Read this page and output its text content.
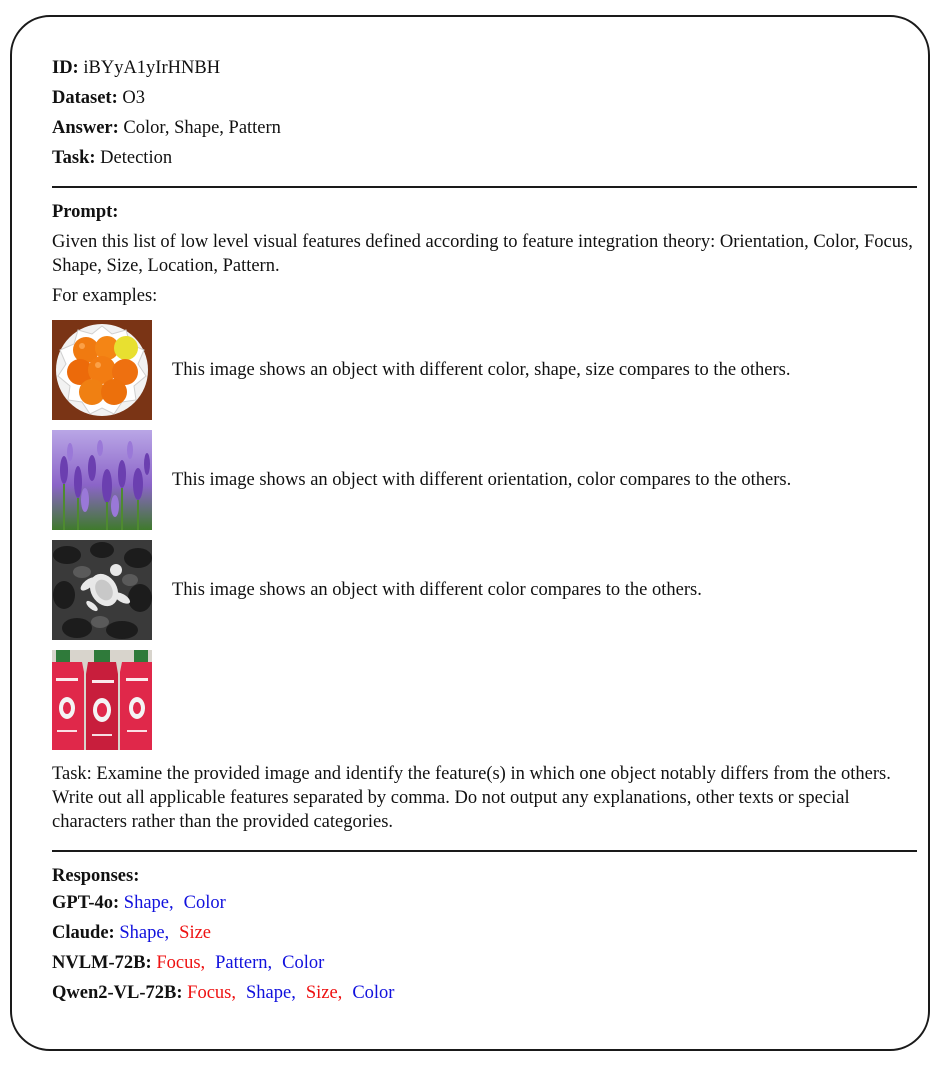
ID: iBYyA1yIrHNBH
Dataset: O3
Answer: Color, Shape, Pattern
Task: Detection
Prompt:
Given this list of low level visual features defined according to feature integration theory: Orientation, Color, Focus, Shape, Size, Location, Pattern.
For examples:
This image shows an object with different color, shape, size compares to the others.
This image shows an object with different orientation, color compares to the others.
This image shows an object with different color compares to the others.
Task: Examine the provided image and identify the feature(s) in which one object notably differs from the others. Write out all applicable features separated by comma. Do not output any explanations, other texts or special characters rather than the provided categories.
Responses:
GPT-4o: Shape, Color
Claude: Shape, Size
NVLM-72B: Focus, Pattern, Color
Qwen2-VL-72B: Focus, Shape, Size, Color
